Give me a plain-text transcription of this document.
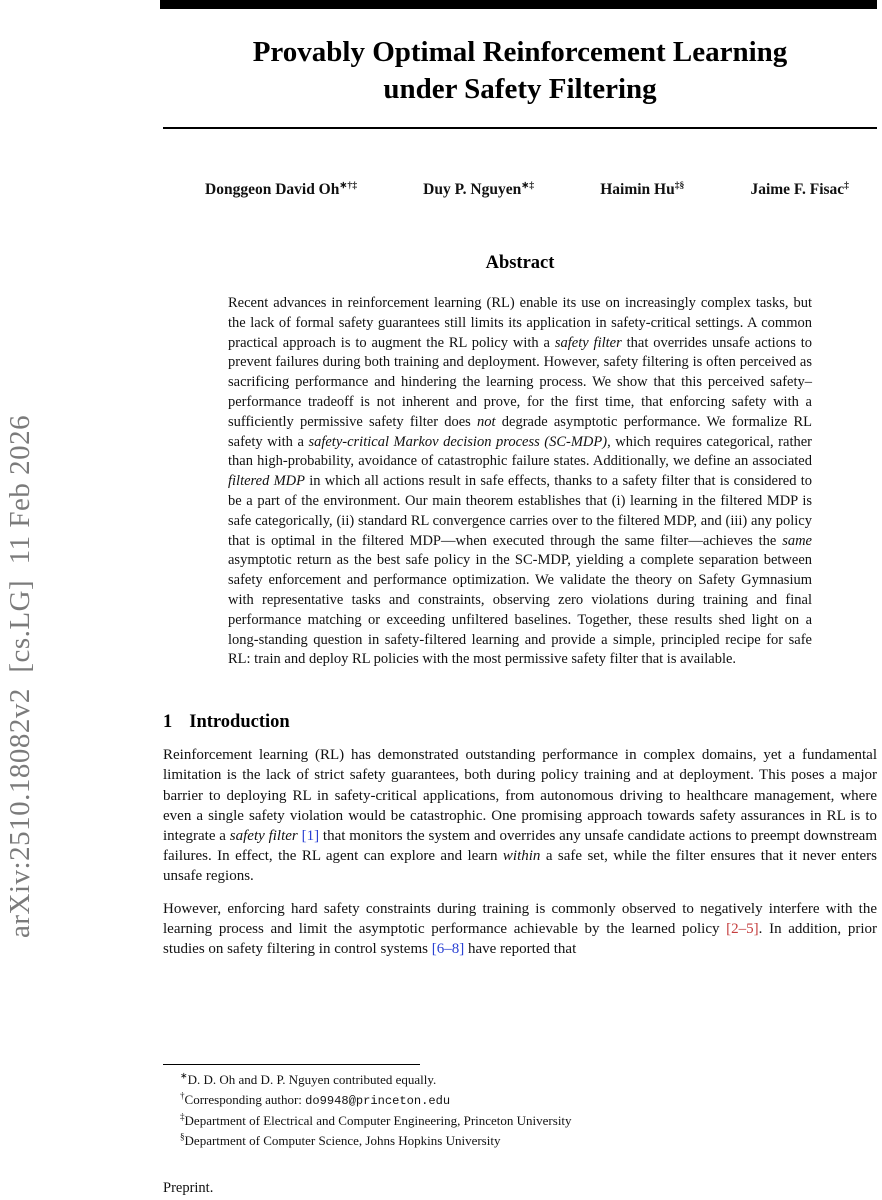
arXiv:2510.18082v2  [cs.LG]  11 Feb 2026
Provably Optimal Reinforcement Learning
under Safety Filtering
Donggeon David Oh∗†‡	Duy P. Nguyen∗‡	Haimin Hu‡§	Jaime F. Fisac‡
Abstract

Recent advances in reinforcement learning (RL) enable its use on increasingly complex tasks, but the lack of formal safety guarantees still limits its application in safety-critical settings. A common practical approach is to augment the RL policy with a safety filter that overrides unsafe actions to prevent failures during both training and deployment. However, safety filtering is often perceived as sacrificing performance and hindering the learning process. We show that this perceived safety–performance tradeoff is not inherent and prove, for the first time, that enforcing safety with a sufficiently permissive safety filter does not degrade asymptotic performance. We formalize RL safety with a safety-critical Markov decision process (SC-MDP), which requires categorical, rather than high-probability, avoidance of catastrophic failure states. Additionally, we define an associated filtered MDP in which all actions result in safe effects, thanks to a safety filter that is considered to be a part of the environment. Our main theorem establishes that (i) learning in the filtered MDP is safe categorically, (ii) standard RL convergence carries over to the filtered MDP, and (iii) any policy that is optimal in the filtered MDP—when executed through the same filter—achieves the same asymptotic return as the best safe policy in the SC-MDP, yielding a complete separation between safety enforcement and performance optimization. We validate the theory on Safety Gymnasium with representative tasks and constraints, observing zero violations during training and final performance matching or exceeding unfiltered baselines. Together, these results shed light on a long-standing question in safety-filtered learning and provide a simple, principled recipe for safe RL: train and deploy RL policies with the most permissive safety filter that is available.

1 Introduction

Reinforcement learning (RL) has demonstrated outstanding performance in complex domains, yet a fundamental limitation is the lack of strict safety guarantees, both during policy training and at deployment. This poses a major barrier to deploying RL in safety-critical applications, from autonomous driving to healthcare management, where even a single safety violation would be catastrophic. One promising approach towards safety assurances in RL is to integrate a safety filter [1] that monitors the system and overrides any unsafe candidate actions to preempt downstream failures. In effect, the RL agent can explore and learn within a safe set, while the filter ensures that it never enters unsafe regions.

However, enforcing hard safety constraints during training is commonly observed to negatively interfere with the learning process and limit the asymptotic performance achievable by the learned policy [2–5]. In addition, prior studies on safety filtering in control systems [6–8] have reported that

∗D. D. Oh and D. P. Nguyen contributed equally.
†Corresponding author: do9948@princeton.edu
‡Department of Electrical and Computer Engineering, Princeton University
§Department of Computer Science, Johns Hopkins University
Preprint.
